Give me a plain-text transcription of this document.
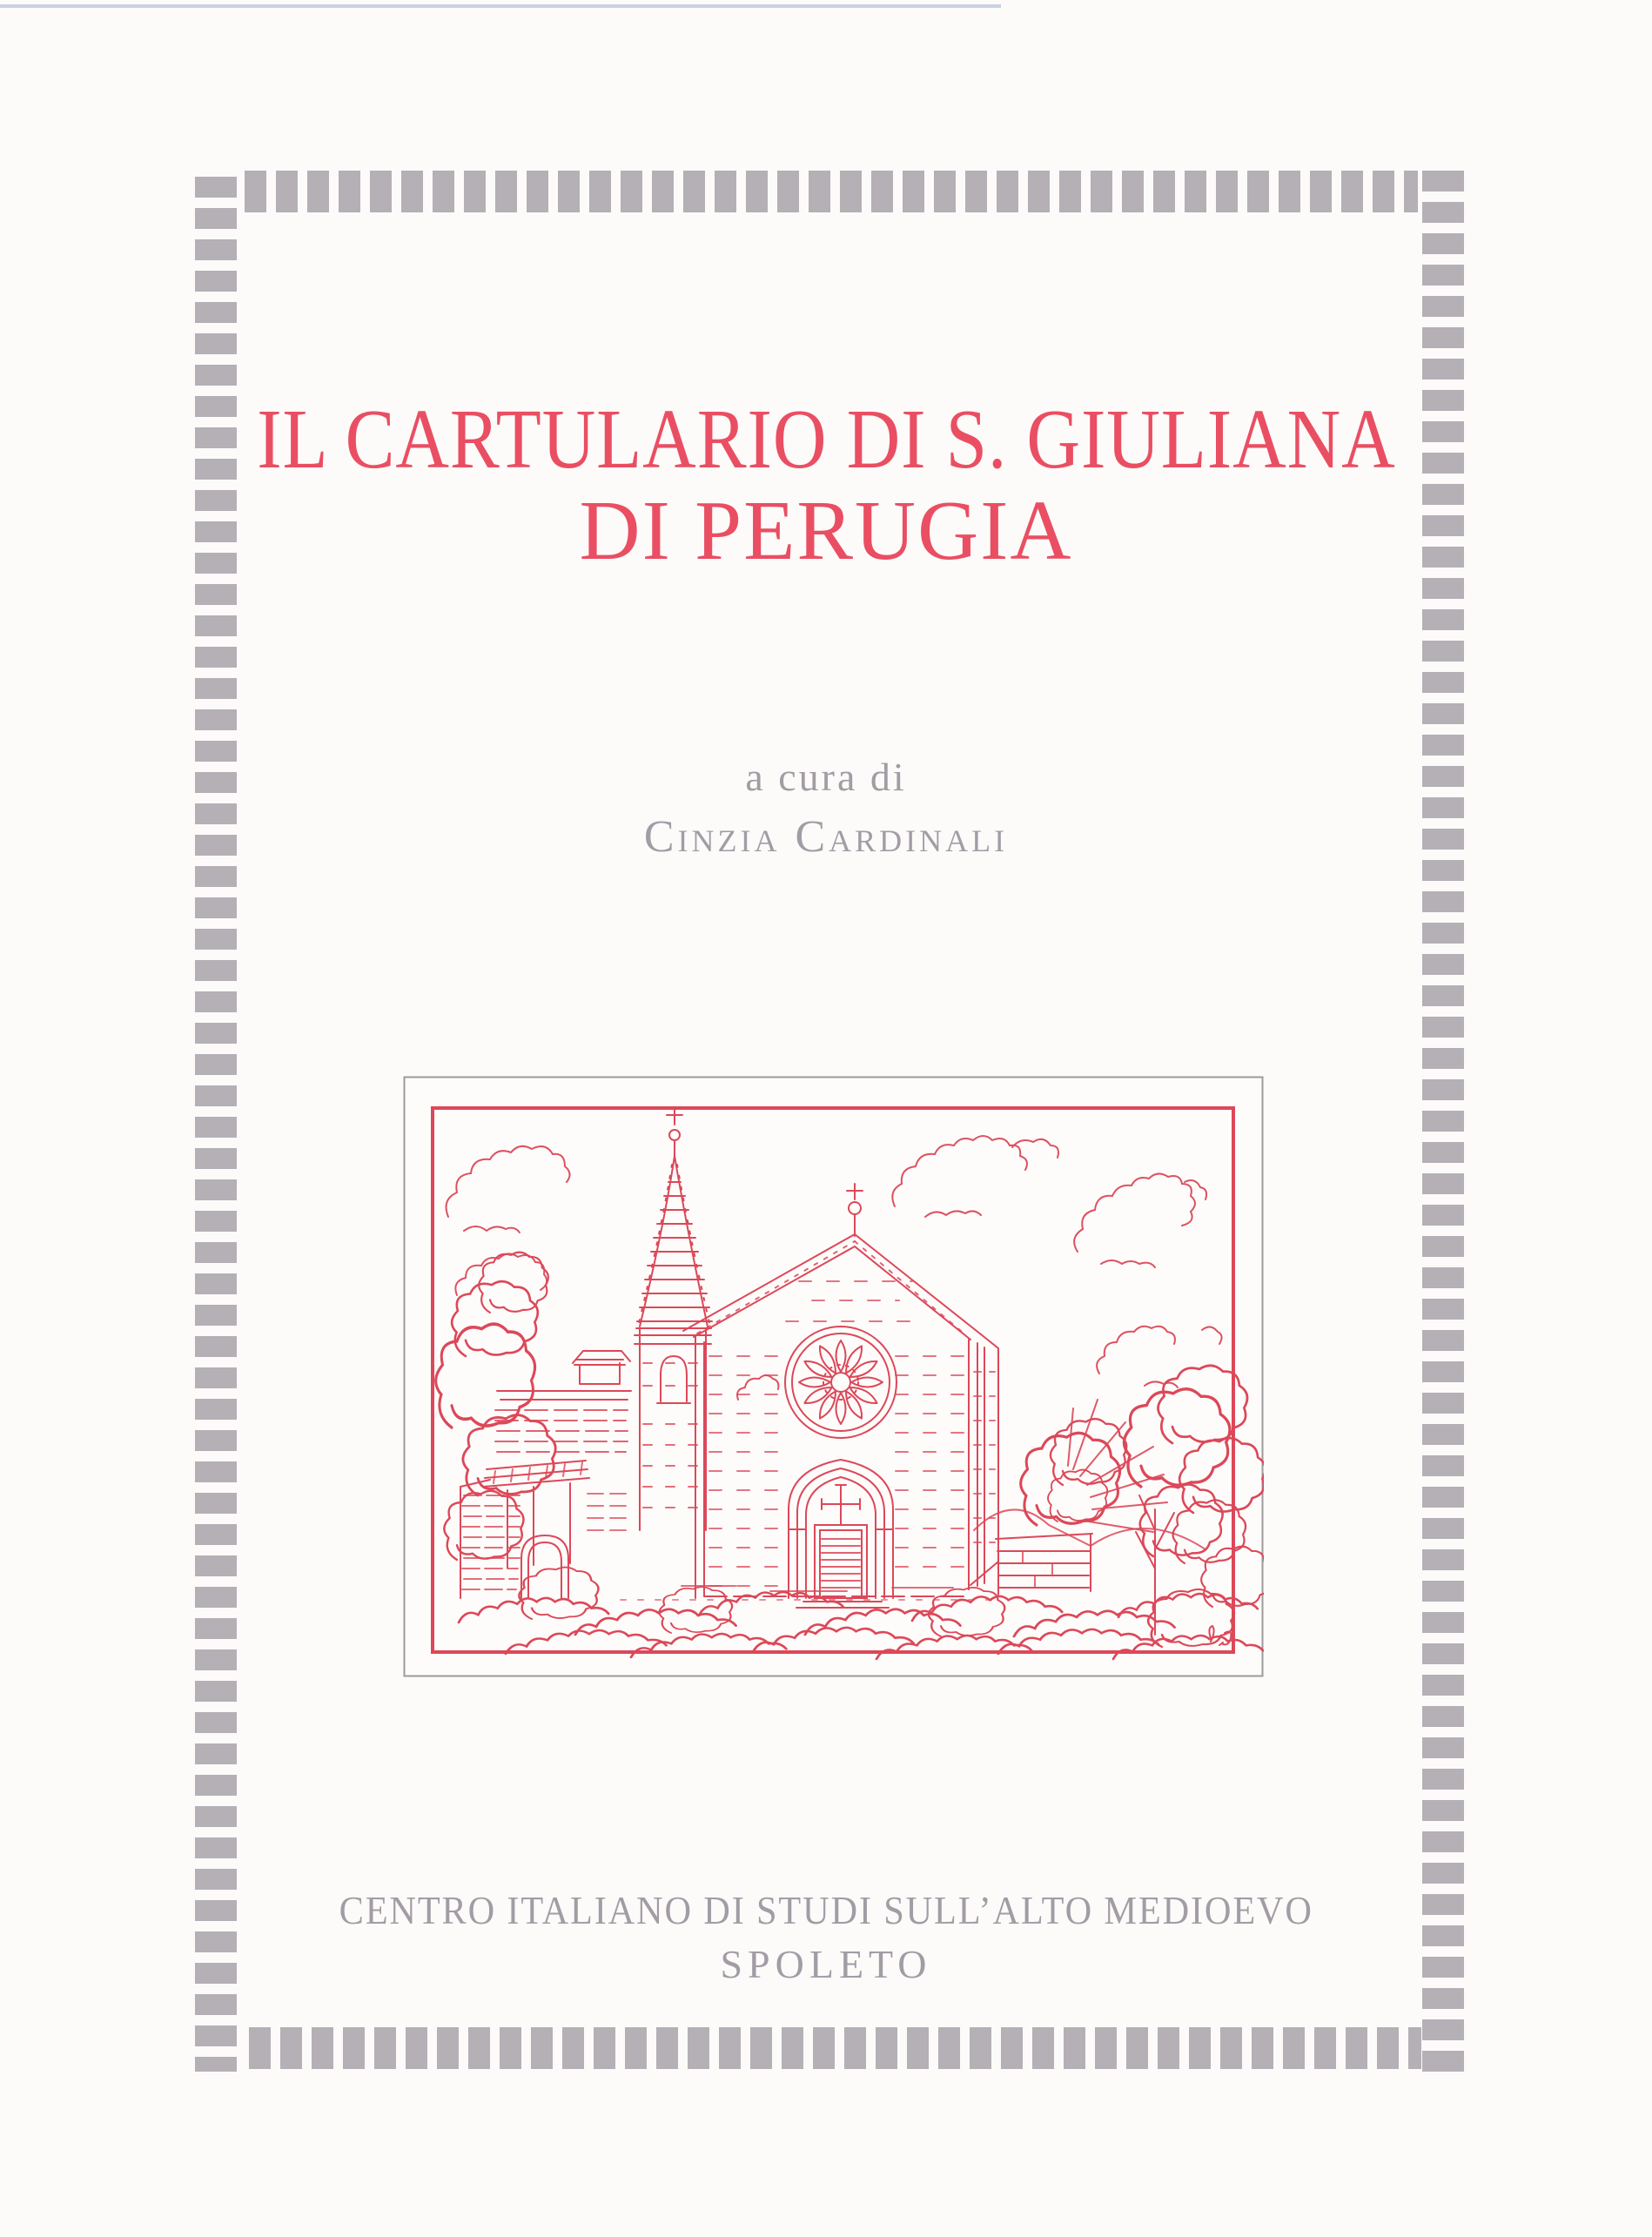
IL CARTULARIO DI S. GIULIANA
DI PERUGIA
a cura di
Cinzia Cardinali
CENTRO ITALIANO DI STUDI SULL’ALTO MEDIOEVO
SPOLETO
